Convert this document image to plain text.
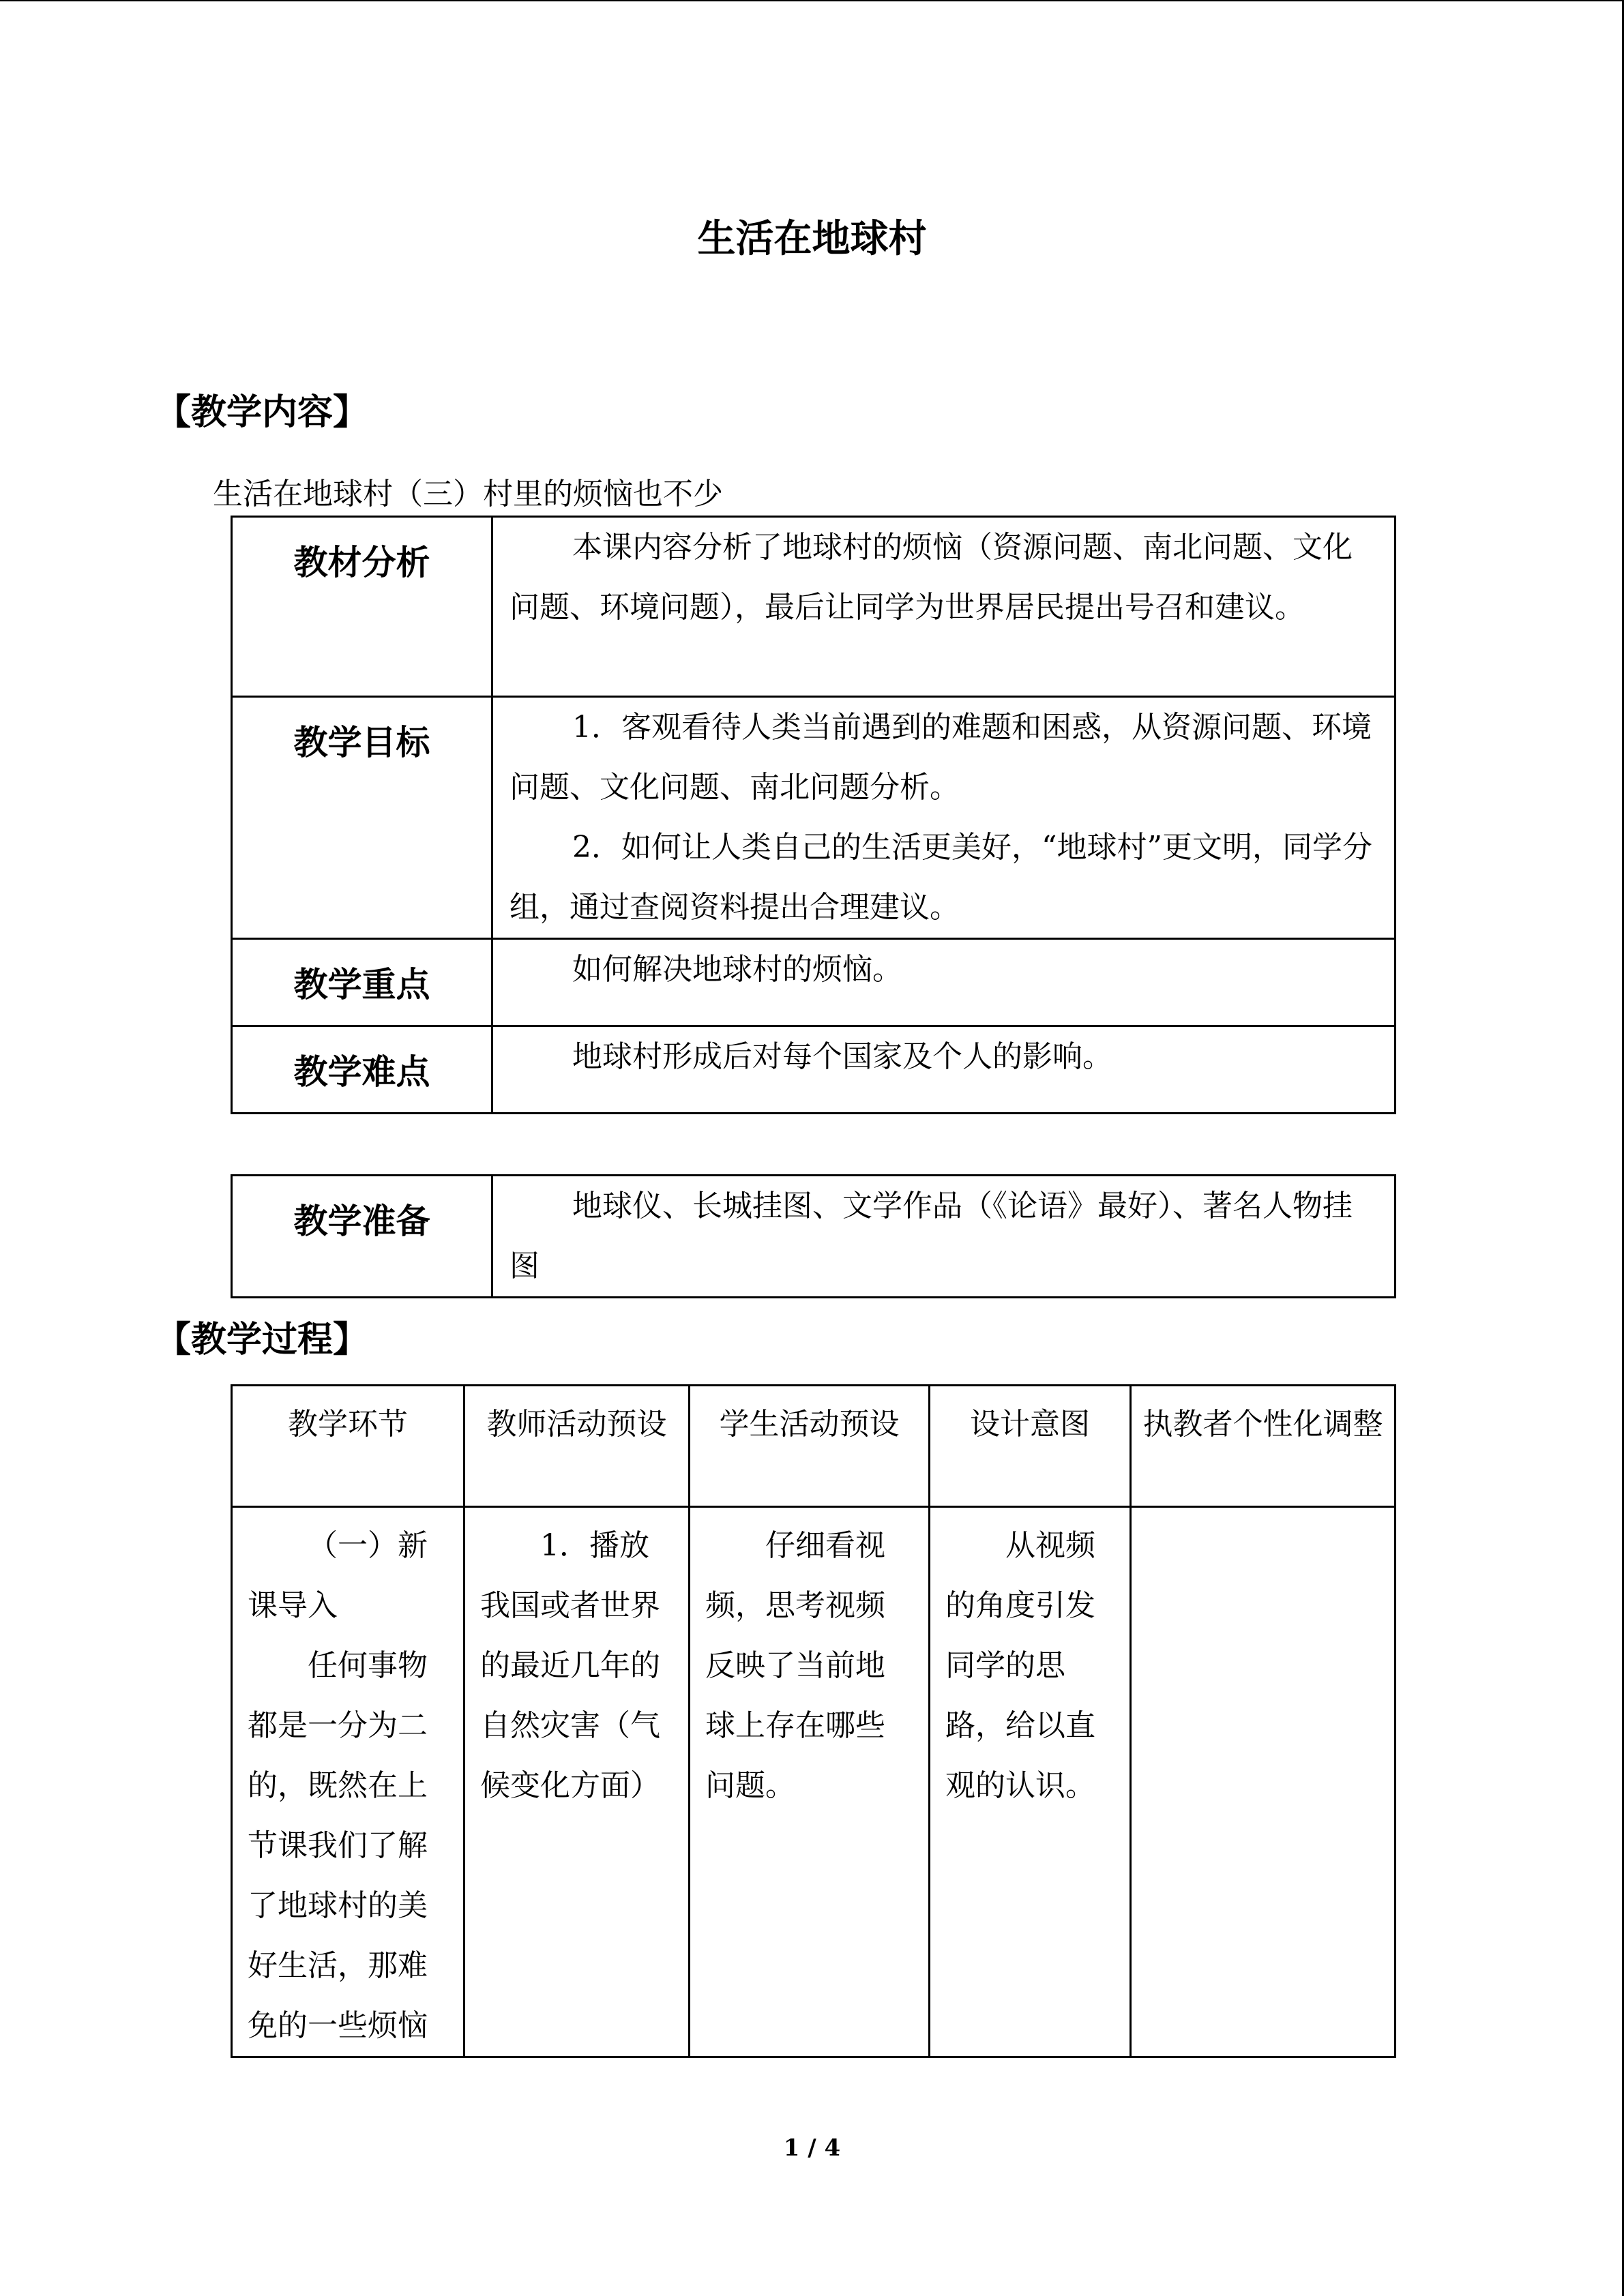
生活在地球村
【教学内容】
生活在地球村（三）村里的烦恼也不少
教材分析	本课内容分析了地球村的烦恼（资源问题、南北问题、文化问题、环境问题），最后让同学为世界居民提出号召和建议。

教学目标	1．客观看待人类当前遇到的难题和困惑，从资源问题、环境问题、文化问题、南北问题分析。

2．如何让人类自己的生活更美好，“地球村”更文明，同学分组，通过查阅资料提出合理建议。

教学重点	如何解决地球村的烦恼。

教学难点	地球村形成后对每个国家及个人的影响。

教学准备	地球仪、长城挂图、文学作品（《论语》最好）、著名人物挂图

【教学过程】
教学环节	教师活动预设	学生活动预设	设计意图	执教者个性化调整

（一）新课导入

任何事物都是一分为二的，既然在上节课我们了解了地球村的美好生活，那难免的一些烦恼	1．播放我国或者世界的最近几年的自然灾害（气候变化方面）	仔细看视频，思考视频反映了当前地球上存在哪些问题。	从视频的角度引发同学的思路，给以直观的认识。	

1 / 4
